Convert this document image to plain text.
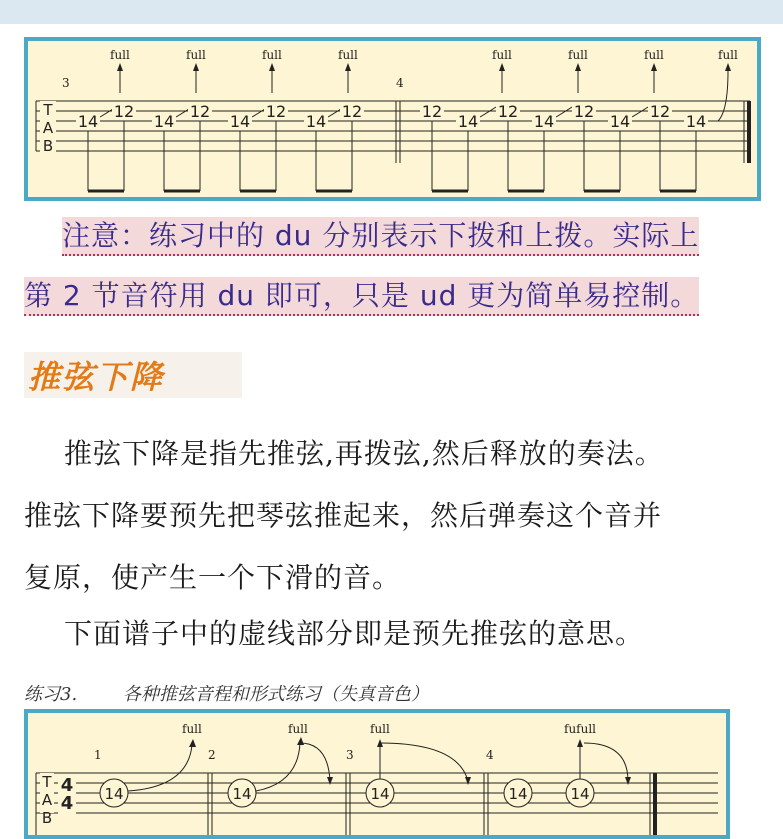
3	4
full	full	full	full	full	full	full	full
14
12
14
12
14
12
14
12	12
14
12
14
12
14
12
14
T
A
B
注意：练习中的 du 分别表示下拨和上拨。实际上
第 2 节音符用 du 即可，只是 ud 更为简单易控制。
推弦下降
推弦下降是指先推弦,再拨弦,然后释放的奏法。
推弦下降要预先把琴弦推起来，然后弹奏这个音并
复原，使产生一个下滑的音。
下面谱子中的虚线部分即是预先推弦的意思。
练习3.	各种推弦音程和形式练习（失真音色）
1	2	3	4
full	full	full	fufull
14	14	14	14	14
T
A
B
4
4
